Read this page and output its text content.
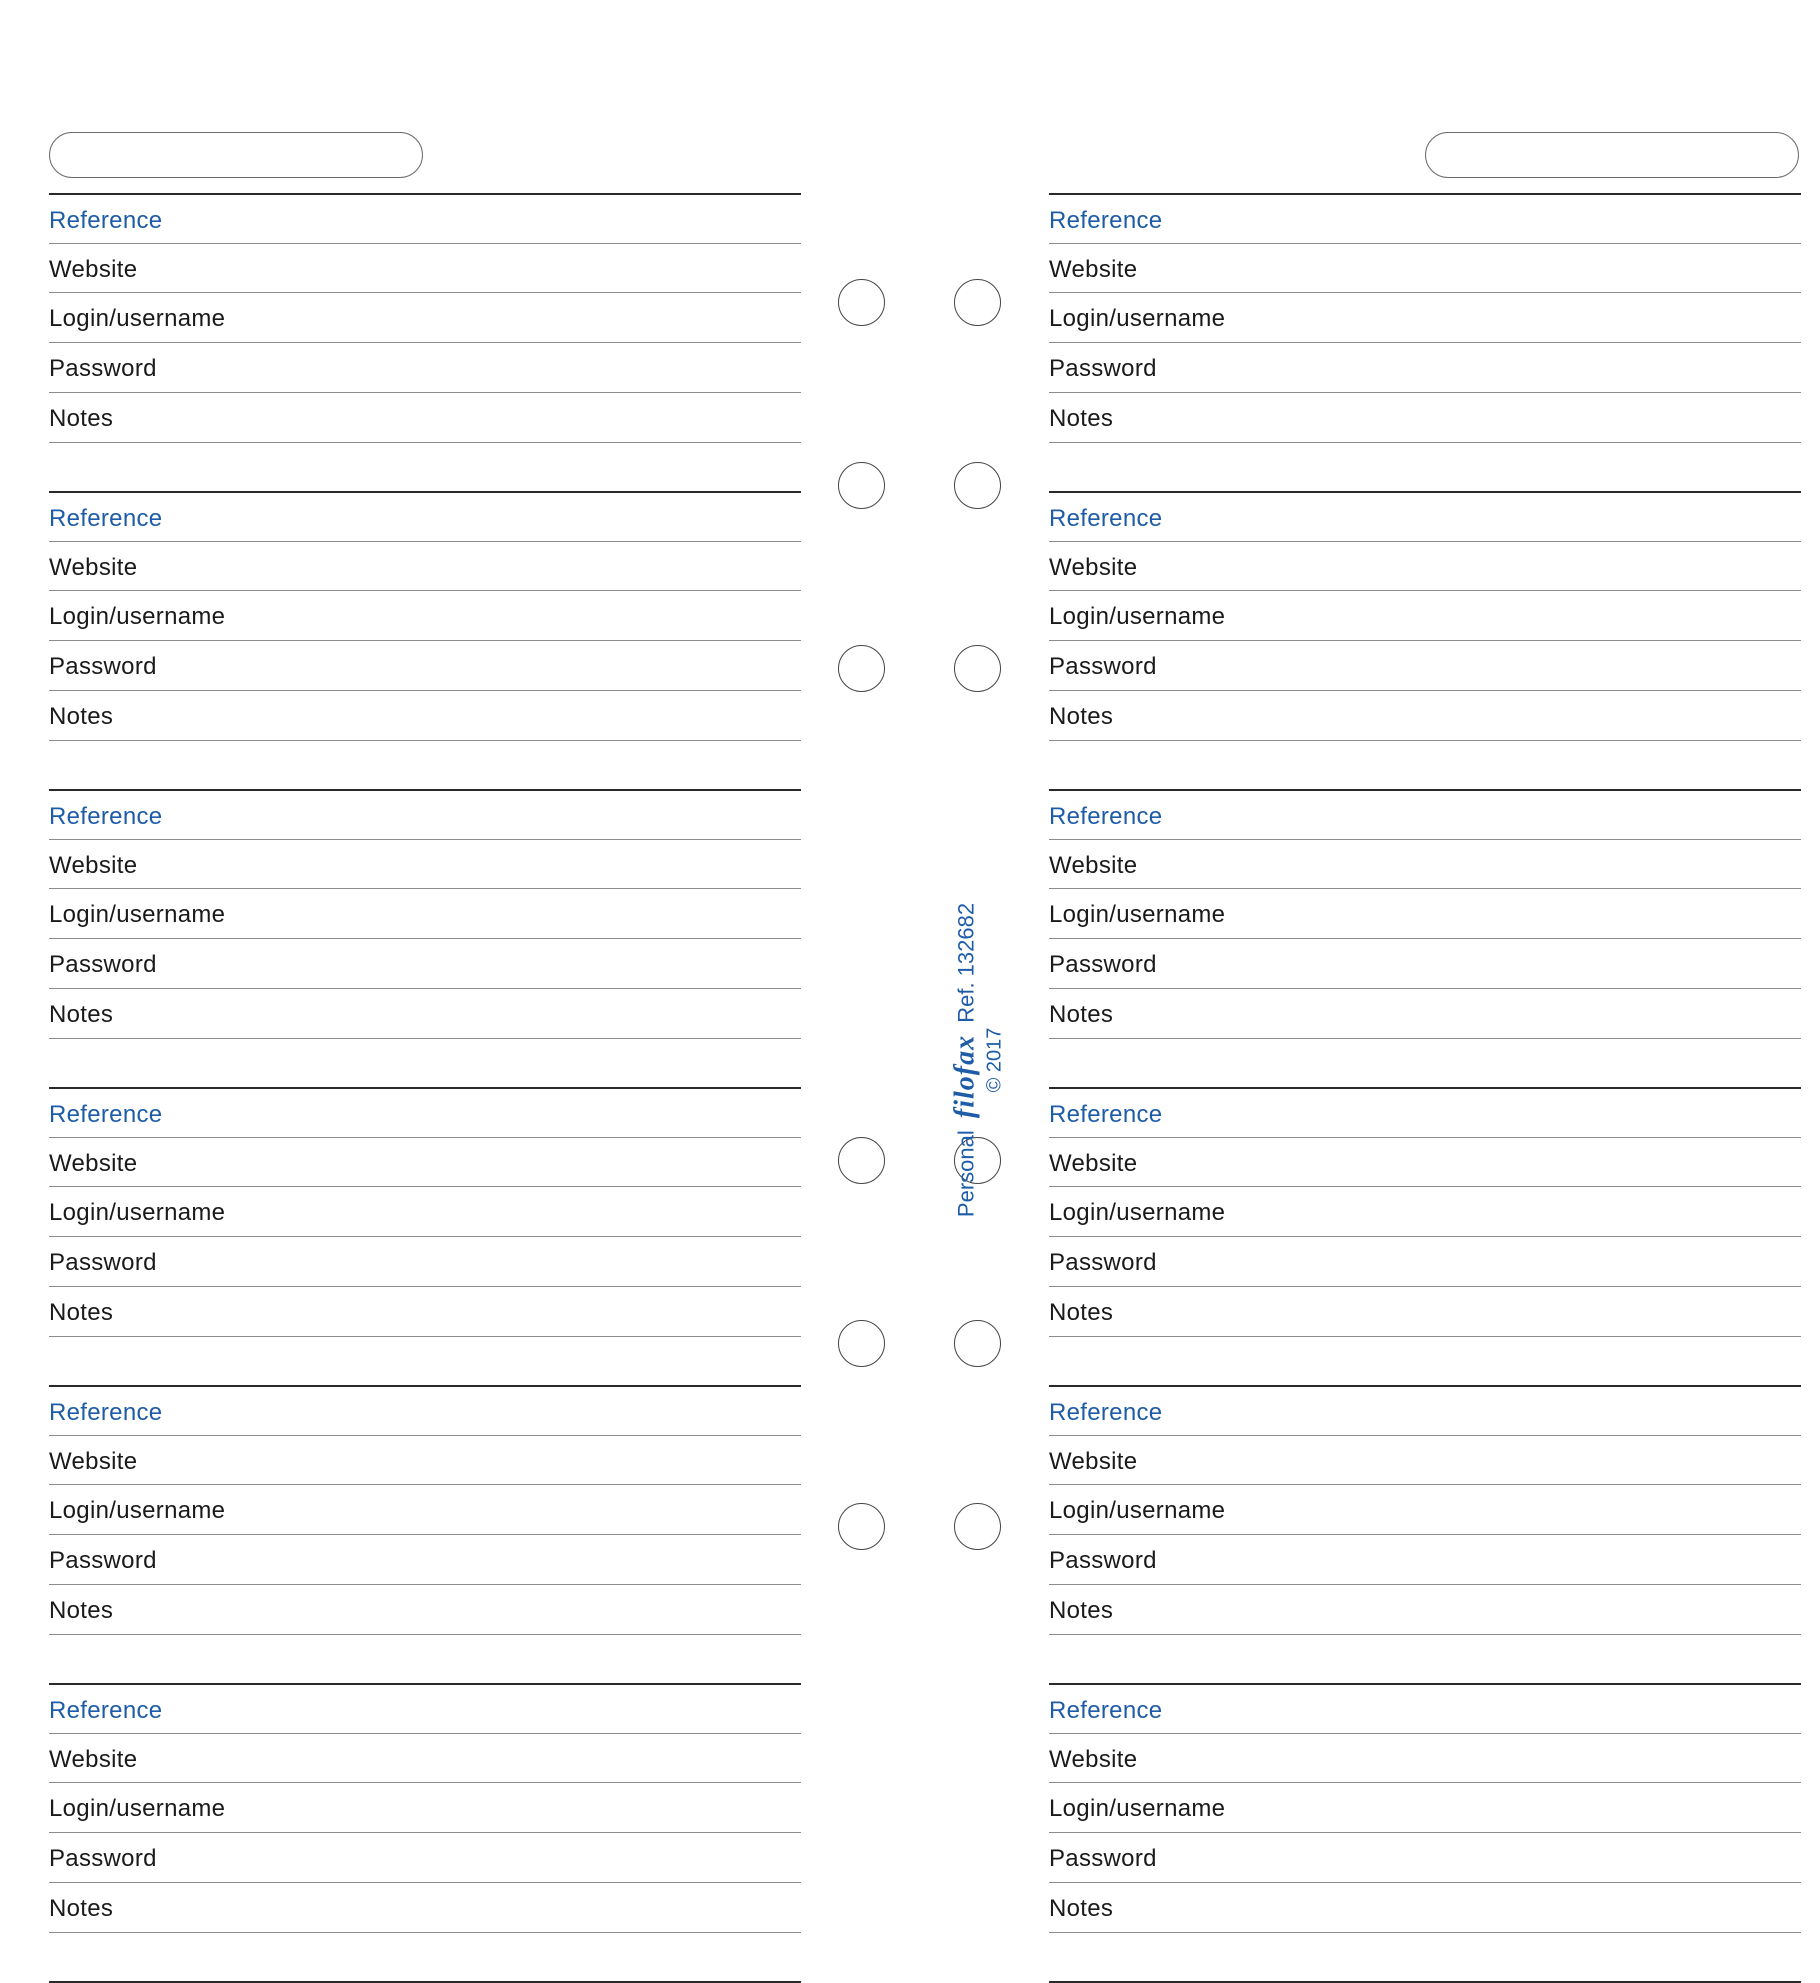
Reference
Website
Login/username
Password
Notes
Reference
Website
Login/username
Password
Notes
Reference
Website
Login/username
Password
Notes
Reference
Website
Login/username
Password
Notes
Reference
Website
Login/username
Password
Notes
Reference
Website
Login/username
Password
Notes
Reference
Website
Login/username
Password
Notes
Reference
Website
Login/username
Password
Notes
Reference
Website
Login/username
Password
Notes
Reference
Website
Login/username
Password
Notes
Reference
Website
Login/username
Password
Notes
Reference
Website
Login/username
Password
Notes
Personal filofax Ref. 132682
© 2017
